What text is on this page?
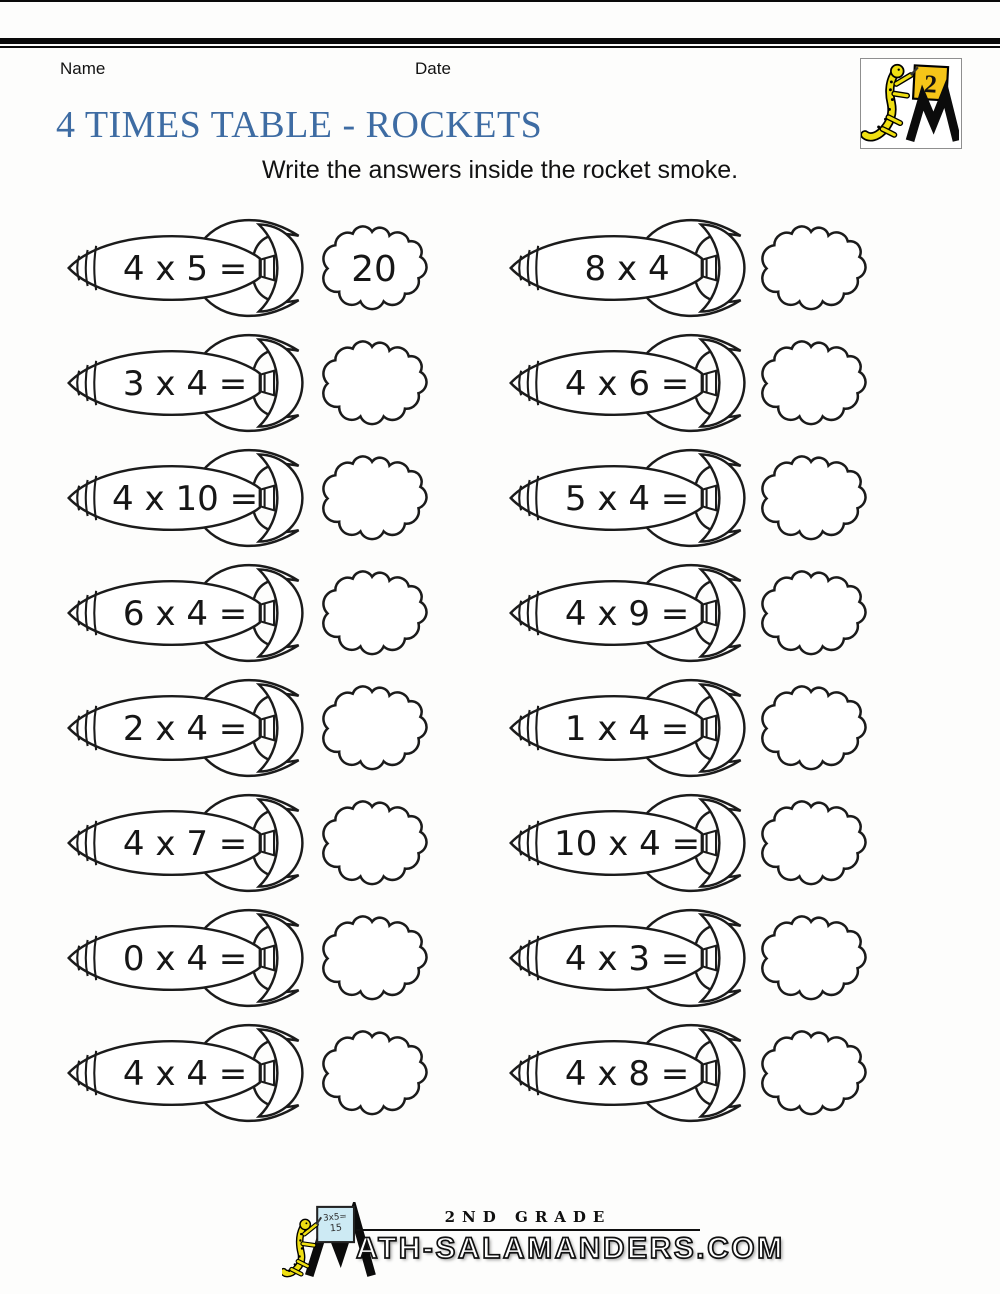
Name	Date
2
4 TIMES TABLE - ROCKETS
Write the answers inside the rocket smoke.
4 x 5 =	20
3 x 4 =
4 x 10 =
6 x 4 =
2 x 4 =
4 x 7 =
0 x 4 =
4 x 4 =
8 x 4
4 x 6 =
5 x 4 =
4 x 9 =
1 x 4 =
10 x 4 =
4 x 3 =
4 x 8 =
3x5=
15
2ND GRADE
ATH-SALAMANDERS.COM
